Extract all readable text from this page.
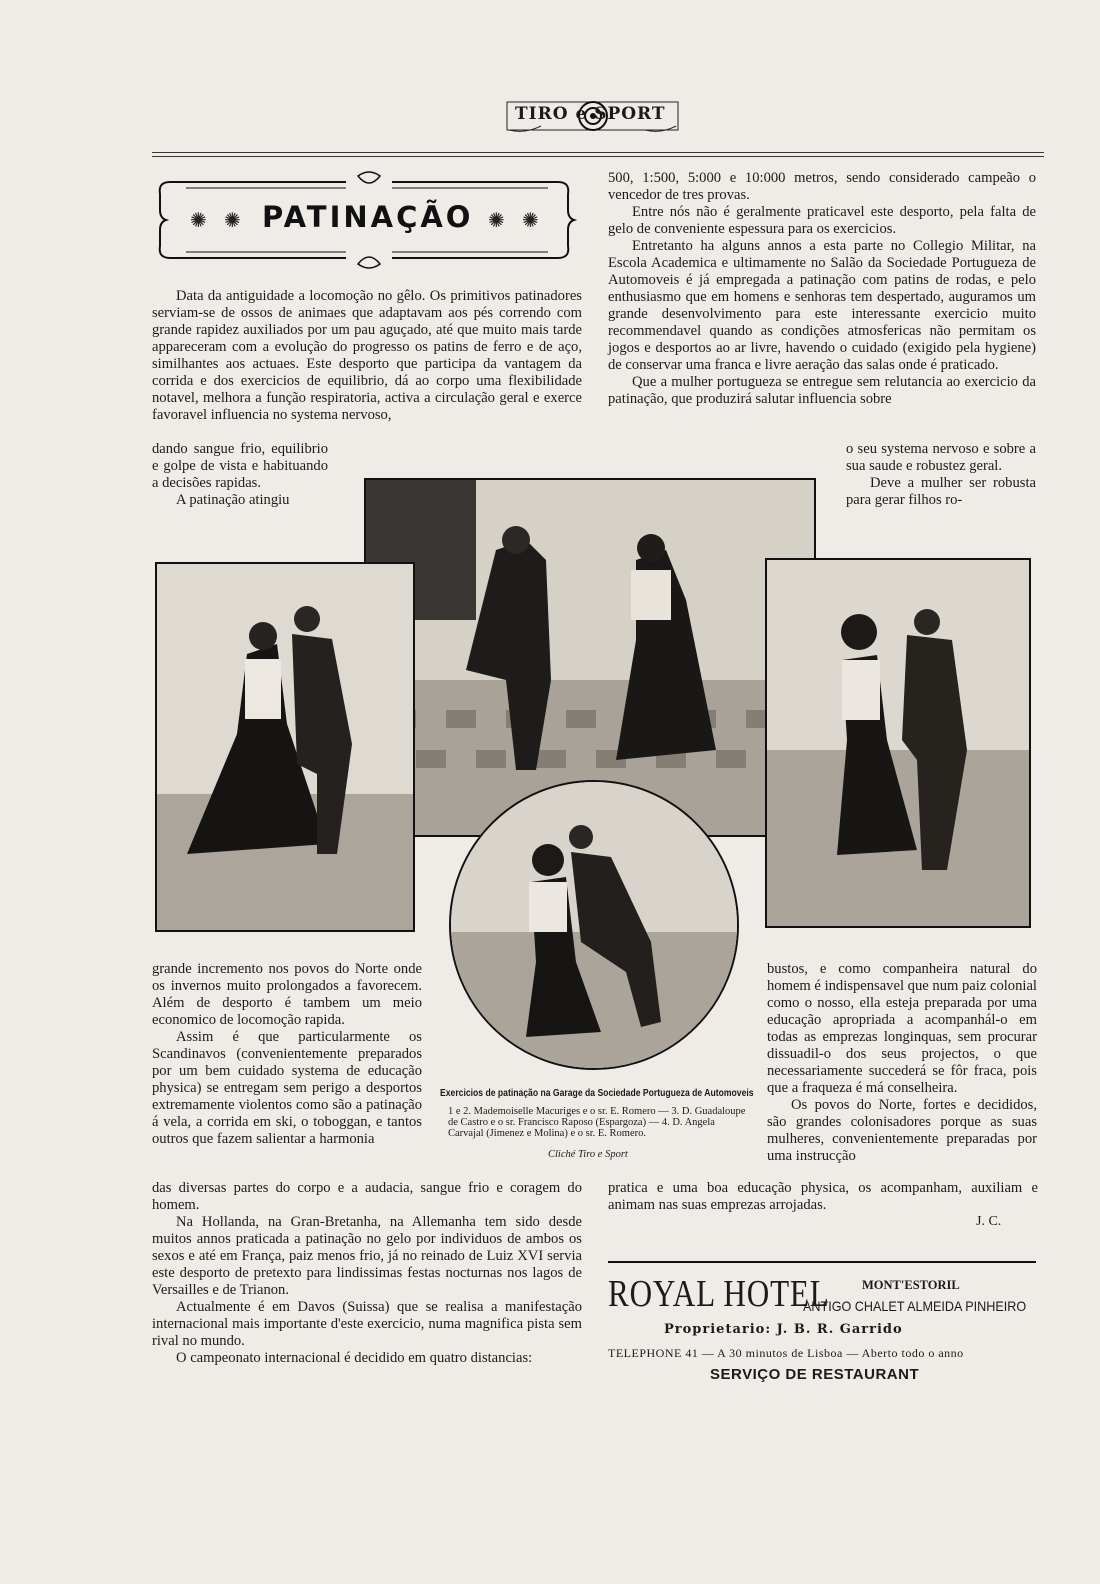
TIRO e SPORT
✺ ✺ PATINAÇÃO ✺ ✺

Data da antiguidade a locomoção no gêlo. Os primitivos patinadores serviam-se de ossos de animaes que adaptavam aos pés correndo com grande rapidez auxiliados por um pau aguçado, até que muito mais tarde appareceram com a evolução do progresso os patins de ferro e de aço, similhantes aos actuaes. Este desporto que participa da vantagem da corrida e dos exercicios de equilibrio, dá ao corpo uma flexibilidade notavel, melhora a função respiratoria, activa a circulação geral e exerce favoravel influencia no systema nervoso,

dando sangue frio, equilibrio e golpe de vista e habituando a decisões rapidas.

A patinação atingiu

500, 1:500, 5:000 e 10:000 metros, sendo considerado campeão o vencedor de tres provas.

Entre nós não é geralmente praticavel este desporto, pela falta de gelo de conveniente espessura para os exercicios.

Entretanto ha alguns annos a esta parte no Collegio Militar, na Escola Academica e ultimamente no Salão da Sociedade Portugueza de Automoveis é já empregada a patinação com patins de rodas, e pelo enthusiasmo que em homens e senhoras tem despertado, auguramos um grande desenvolvimento para este interessante exercicio muito recommendavel quando as condições atmosfericas não permitam os jogos e desportos ao ar livre, havendo o cuidado (exigido pela hygiene) de conservar uma franca e livre aeração das salas onde é praticado.

Que a mulher portugueza se entregue sem relutancia ao exercicio da patinação, que produzirá salutar influencia sobre

o seu systema nervoso e sobre a sua saude e robustez geral.

Deve a mulher ser robusta para gerar filhos ro-

Exercicios de patinação na Garage da Sociedade Portugueza de Automoveis
1 e 2. Mademoiselle Macuriges e o sr. E. Romero — 3. D. Guadaloupe de Castro e o sr. Francisco Raposo (Espargoza) — 4. D. Angela Carvajal (Jimenez e Molina) e o sr. E. Romero.
Cliché Tiro e Sport

grande incremento nos povos do Norte onde os invernos muito prolongados a favorecem. Além de desporto é tambem um meio economico de locomoção rapida.

Assim é que particularmente os Scandinavos (convenientemente preparados por um bem cuidado systema de educação physica) se entregam sem perigo a desportos extremamente violentos como são a patinação á vela, a corrida em ski, o toboggan, e tantos outros que fazem salientar a harmonia

das diversas partes do corpo e a audacia, sangue frio e coragem do homem.

Na Hollanda, na Gran-Bretanha, na Allemanha tem sido desde muitos annos praticada a patinação no gelo por individuos de ambos os sexos e até em França, paiz menos frio, já no reinado de Luiz XVI servia este desporto de pretexto para lindissimas festas nocturnas nos lagos de Versailles e de Trianon.

Actualmente é em Davos (Suissa) que se realisa a manifestação internacional mais importante d'este exercicio, numa magnifica pista sem rival no mundo.

O campeonato internacional é decidido em quatro distancias:

bustos, e como companheira natural do homem é indispensavel que num paiz colonial como o nosso, ella esteja preparada por uma educação apropriada a acompanhál-o em todas as emprezas longinquas, sem procurar dissuadil-o dos seus projectos, o que necessariamente succederá se fôr fraca, pois que a fraqueza é má conselheira.

Os povos do Norte, fortes e decididos, são grandes colonisadores porque as suas mulheres, convenientemente preparadas por uma instrucção

pratica e uma boa educação physica, os acompanham, auxiliam e animam nas suas emprezas arrojadas.

J. C.
ROYAL HOTEL	MONT'ESTORIL
ANTIGO CHALET ALMEIDA PINHEIRO
Proprietario: J. B. R. Garrido
TELEPHONE 41 — A 30 minutos de Lisboa — Aberto todo o anno
SERVIÇO DE RESTAURANT
